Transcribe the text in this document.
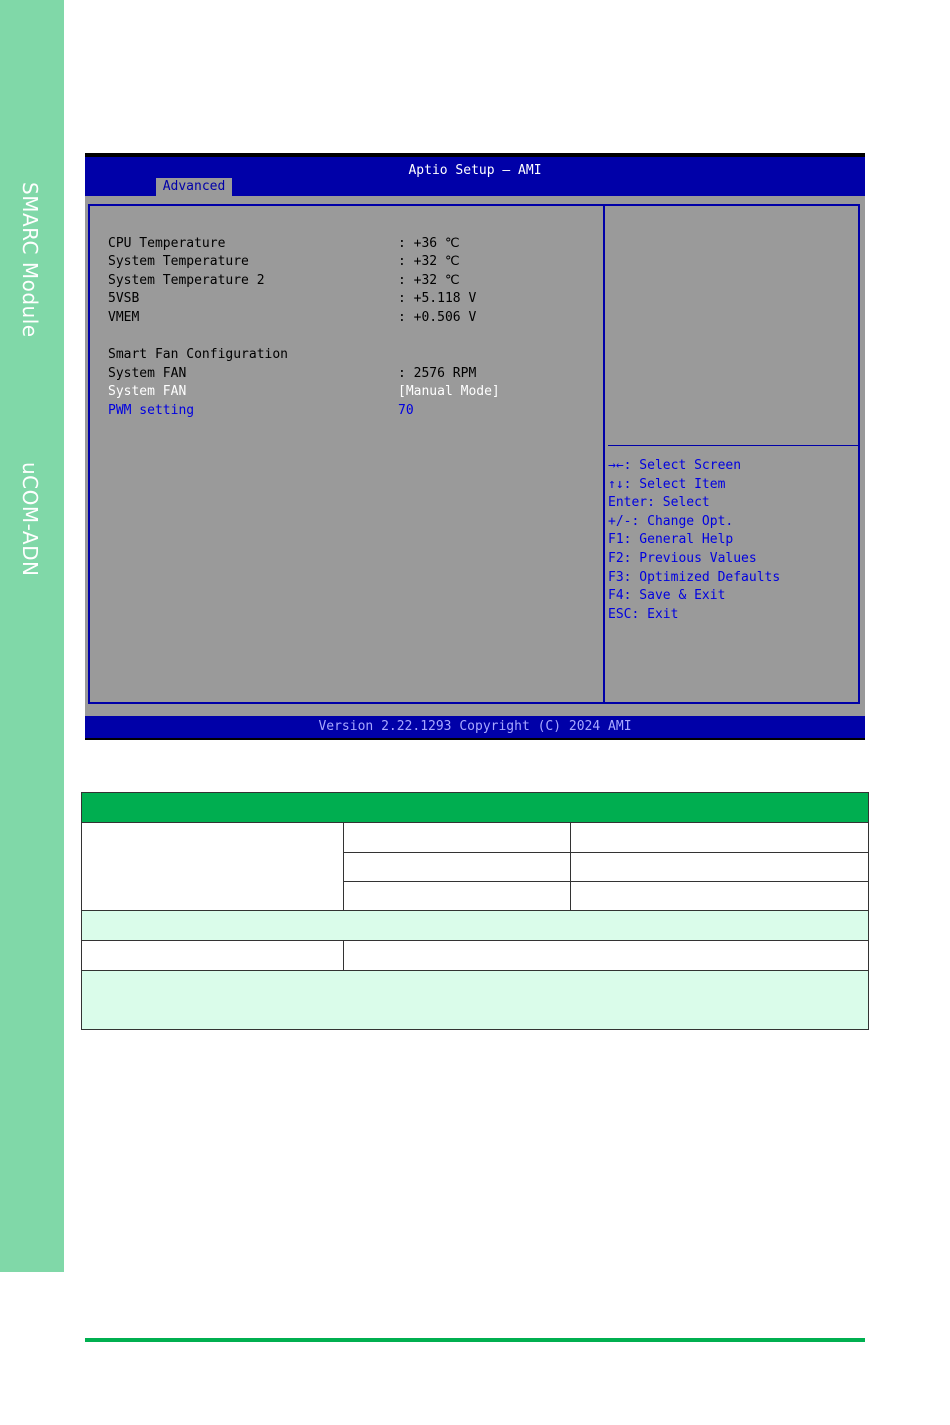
SMARC Module
uCOM-ADN
Aptio Setup – AMI
Advanced
CPU Temperature	: +36 ℃
System Temperature	: +32 ℃
System Temperature 2	: +32 ℃
5VSB	: +5.118 V
VMEM	: +0.506 V
Smart Fan Configuration
System FAN	: 2576 RPM
System FAN	[Manual Mode]
PWM setting	70
→←: Select Screen
↑↓: Select Item
Enter: Select
+/-: Change Opt.
F1: General Help
F2: Previous Values
F3: Optimized Defaults
F4: Save & Exit
ESC: Exit
Version 2.22.1293 Copyright (C) 2024 AMI
